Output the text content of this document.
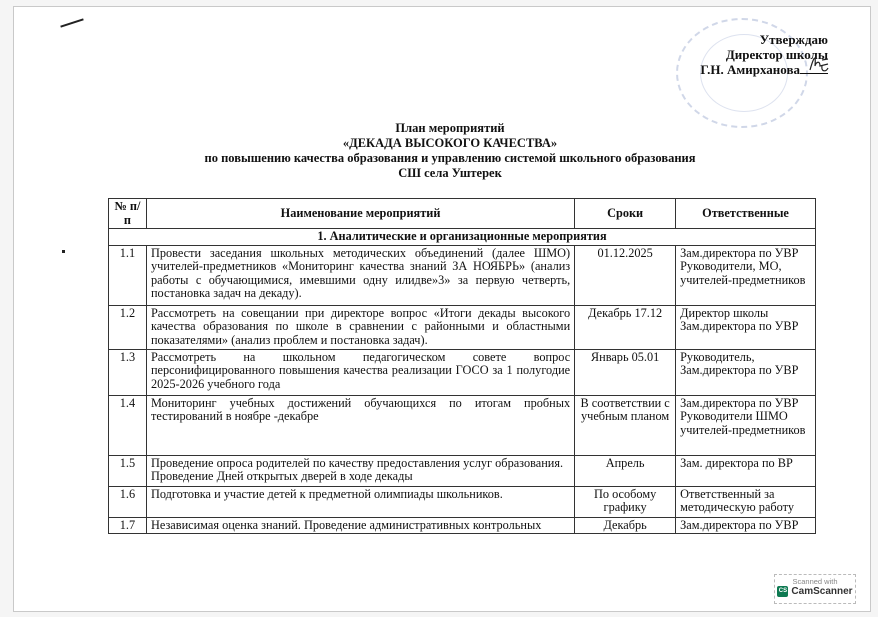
Утверждаю
Директор школы
Г.Н. Амирханова
План мероприятий
«ДЕКАДА ВЫСОКОГО КАЧЕСТВА»
по повышению качества образования и управлению системой школьного образования
СШ села Уштерек
№ п/п	Наименование мероприятий	Сроки	Ответственные
1. Аналитические и организационные мероприятия			
1.1	Провести заседания школьных методических объединений (далее ШМО) учителей-предметников «Мониторинг качества знаний ЗА НОЯБРЬ» (анализ работы с обучающимися, имевшими одну илидве»3» за первую четверть, постановка задач на декаду).	01.12.2025	Зам.директора по УВР Руководители, МО, учителей-предметников
1.2	Рассмотреть на совещании при директоре вопрос «Итоги декады высокого качества образования по школе в сравнении с районными и областными показателями» (анализ проблем и постановка задач).	Декабрь 17.12	Директор школы Зам.директора по УВР
1.3	Рассмотреть на школьном педагогическом совете вопрос персонифицированного повышения качества реализации ГОСО за 1 полугодие 2025-2026 учебного года	Январь 05.01	Руководитель, Зам.директора по УВР
1.4	Мониторинг учебных достижений обучающихся по итогам пробных тестирований в ноябре -декабре	В соответствии с учебным планом	Зам.директора по УВР Руководители ШМО учителей-предметников
1.5	Проведение опроса родителей по качеству предоставления услуг образования. Проведение Дней открытых дверей в ходе декады	Апрель	Зам. директора по ВР
1.6	Подготовка и участие детей к предметной олимпиады школьников.	По особому графику	Ответственный за методическую работу
1.7	Независимая оценка знаний. Проведение административных контрольных	Декабрь	Зам.директора по УВР
Scanned with
CS CamScanner
